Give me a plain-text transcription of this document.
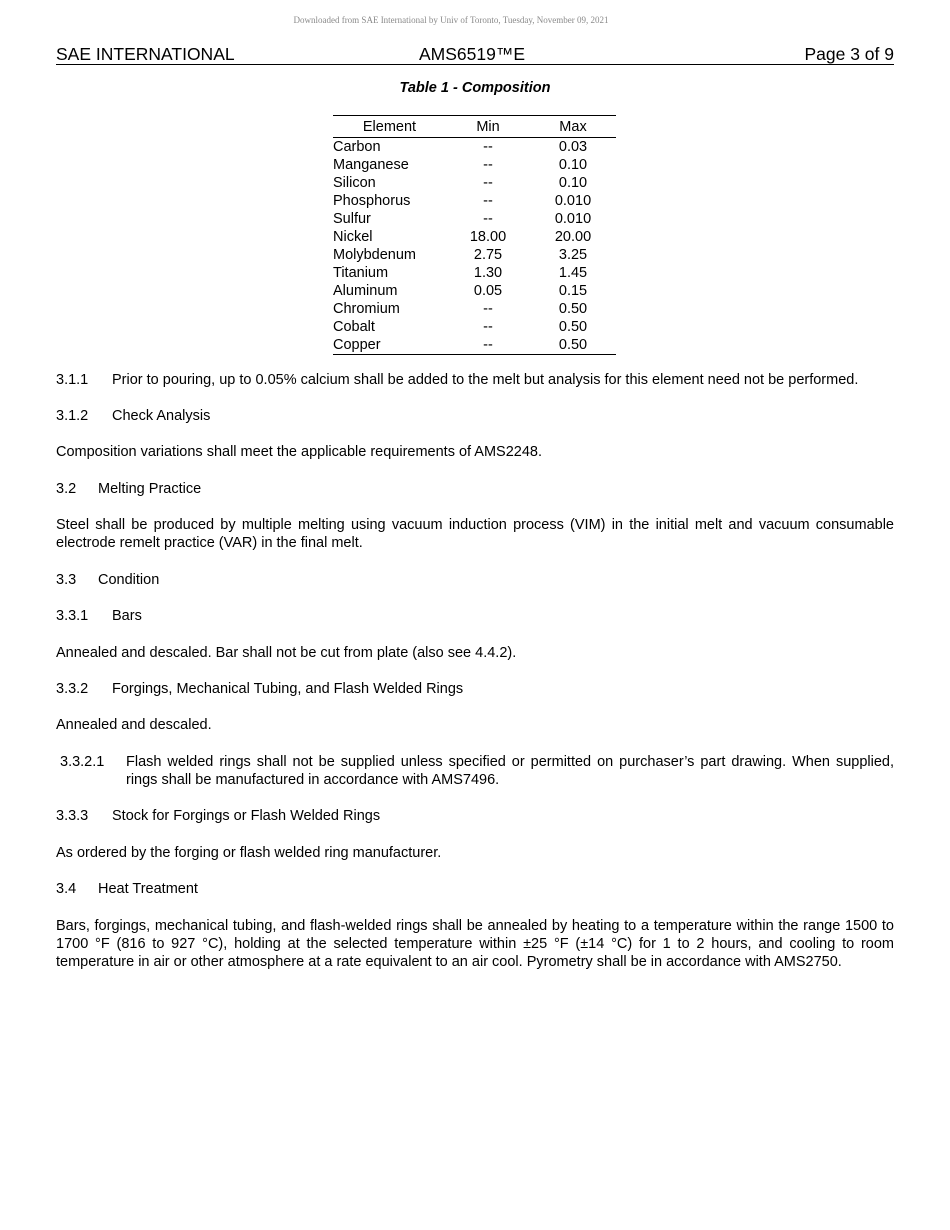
Downloaded from SAE International by Univ of Toronto, Tuesday, November 09, 2021
SAE INTERNATIONAL	AMS6519™E	Page 3 of 9
Table 1 - Composition
Element	Min	Max
Carbon	--	0.03
Manganese	--	0.10
Silicon	--	0.10
Phosphorus	--	0.010
Sulfur	--	0.010
Nickel	18.00	20.00
Molybdenum	2.75	3.25
Titanium	1.30	1.45
Aluminum	0.05	0.15
Chromium	--	0.50
Cobalt	--	0.50
Copper	--	0.50
3.1.1 Prior to pouring, up to 0.05% calcium shall be added to the melt but analysis for this element need not be performed.
3.1.2 Check Analysis
Composition variations shall meet the applicable requirements of AMS2248.
3.2 Melting Practice
Steel shall be produced by multiple melting using vacuum induction process (VIM) in the initial melt and vacuum consumable electrode remelt practice (VAR) in the final melt.
3.3 Condition
3.3.1 Bars
Annealed and descaled. Bar shall not be cut from plate (also see 4.4.2).
3.3.2 Forgings, Mechanical Tubing, and Flash Welded Rings
Annealed and descaled.
3.3.2.1 Flash welded rings shall not be supplied unless specified or permitted on purchaser’s part drawing. When supplied, rings shall be manufactured in accordance with AMS7496.
3.3.3 Stock for Forgings or Flash Welded Rings
As ordered by the forging or flash welded ring manufacturer.
3.4 Heat Treatment
Bars, forgings, mechanical tubing, and flash-welded rings shall be annealed by heating to a temperature within the range 1500 to 1700 °F (816 to 927 °C), holding at the selected temperature within ±25 °F (±14 °C) for 1 to 2 hours, and cooling to room temperature in air or other atmosphere at a rate equivalent to an air cool. Pyrometry shall be in accordance with AMS2750.
